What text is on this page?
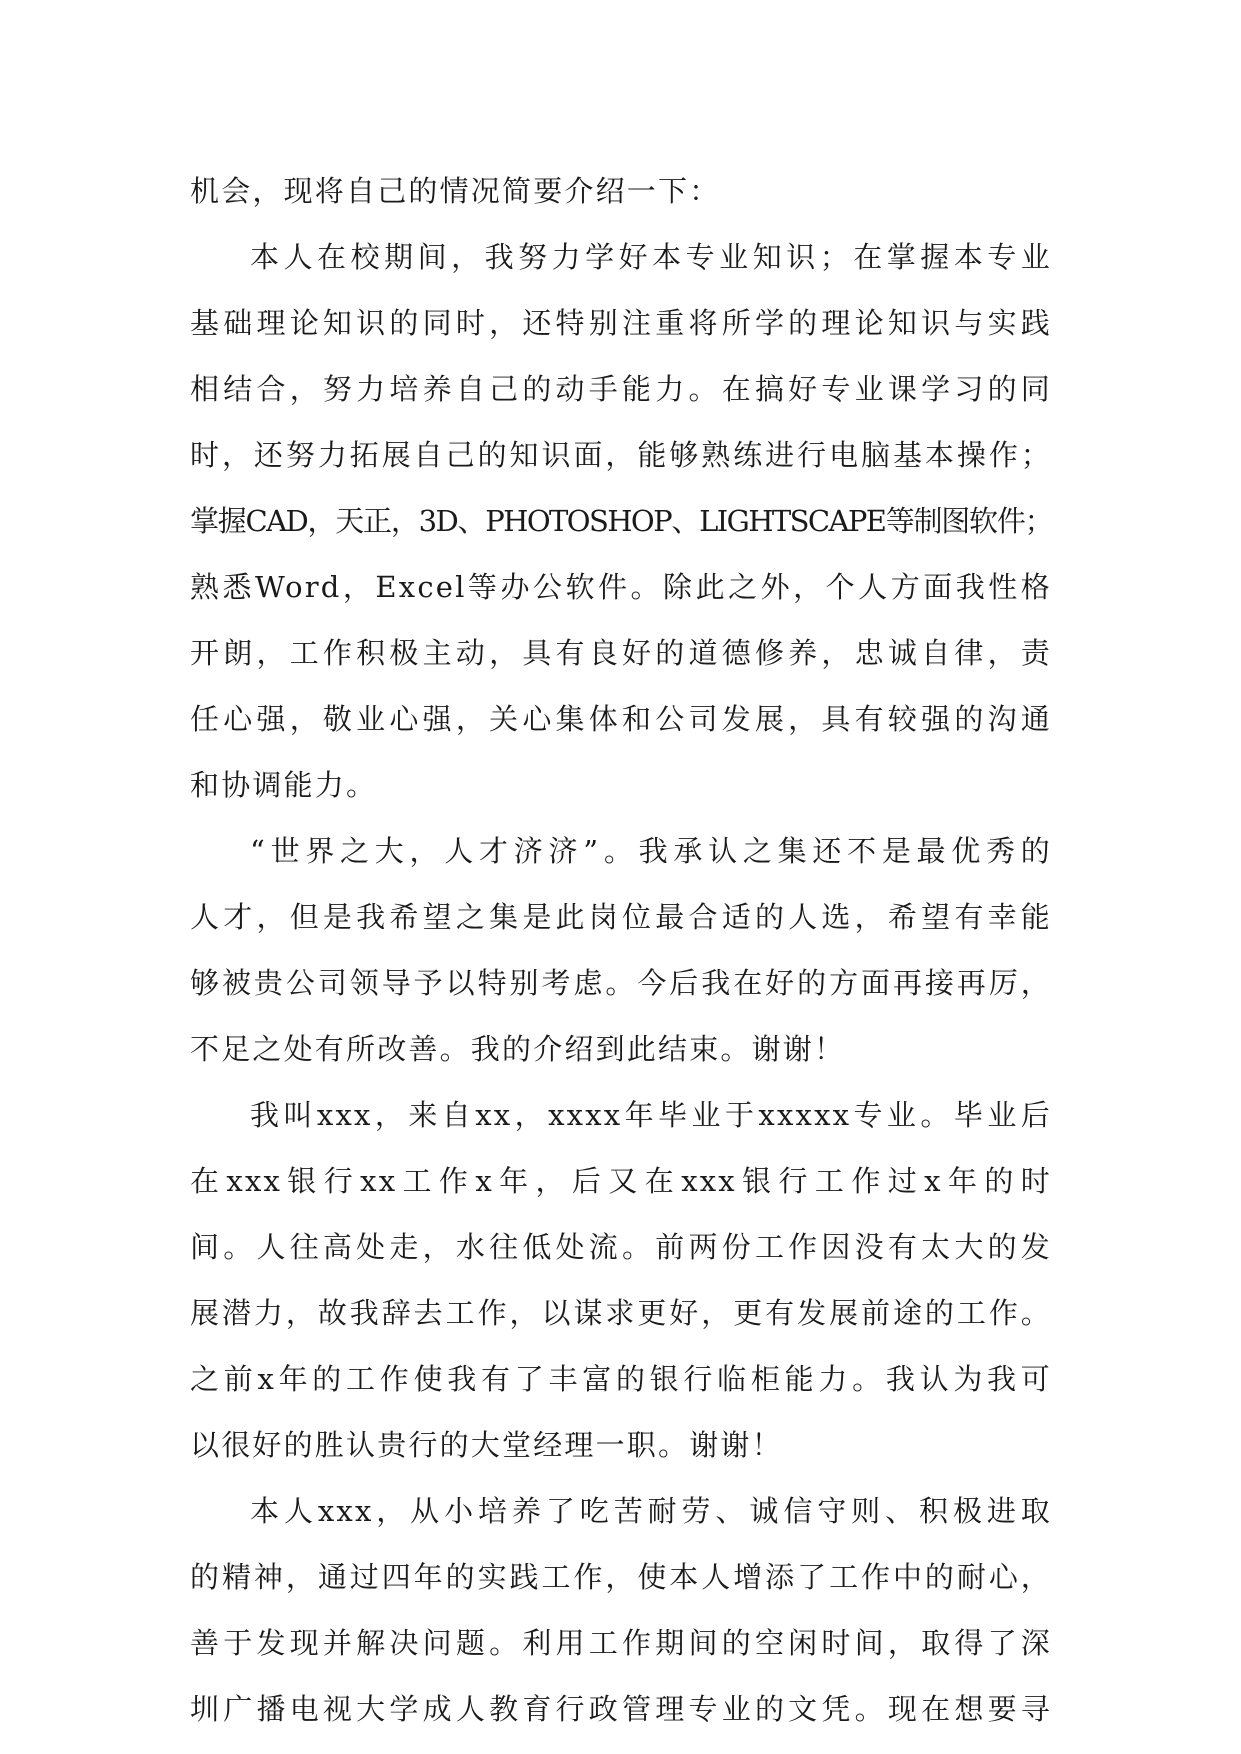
机会，现将自己的情况简要介绍一下：
本人在校期间，我努力学好本专业知识；在掌握本专业
基础理论知识的同时，还特别注重将所学的理论知识与实践
相结合，努力培养自己的动手能力。在搞好专业课学习的同
时，还努力拓展自己的知识面，能够熟练进行电脑基本操作；
掌握CAD，天正，3D、PHOTOSHOP、LIGHTSCAPE等制图软件；
熟悉Word，Excel等办公软件。除此之外，个人方面我性格
开朗，工作积极主动，具有良好的道德修养，忠诚自律，责
任心强，敬业心强，关心集体和公司发展，具有较强的沟通
和协调能力。
“世界之大，人才济济”。我承认之集还不是最优秀的
人才，但是我希望之集是此岗位最合适的人选，希望有幸能
够被贵公司领导予以特别考虑。今后我在好的方面再接再厉，
不足之处有所改善。我的介绍到此结束。谢谢！
我叫xxx，来自xx，xxxx年毕业于xxxxx专业。毕业后
在xxx银行xx工作x年，后又在xxx银行工作过x年的时
间。人往高处走，水往低处流。前两份工作因没有太大的发
展潜力，故我辞去工作，以谋求更好，更有发展前途的工作。
之前x年的工作使我有了丰富的银行临柜能力。我认为我可
以很好的胜认贵行的大堂经理一职。谢谢！
本人xxx，从小培养了吃苦耐劳、诚信守则、积极进取
的精神，通过四年的实践工作，使本人增添了工作中的耐心，
善于发现并解决问题。利用工作期间的空闲时间，取得了深
圳广播电视大学成人教育行政管理专业的文凭。现在想要寻
